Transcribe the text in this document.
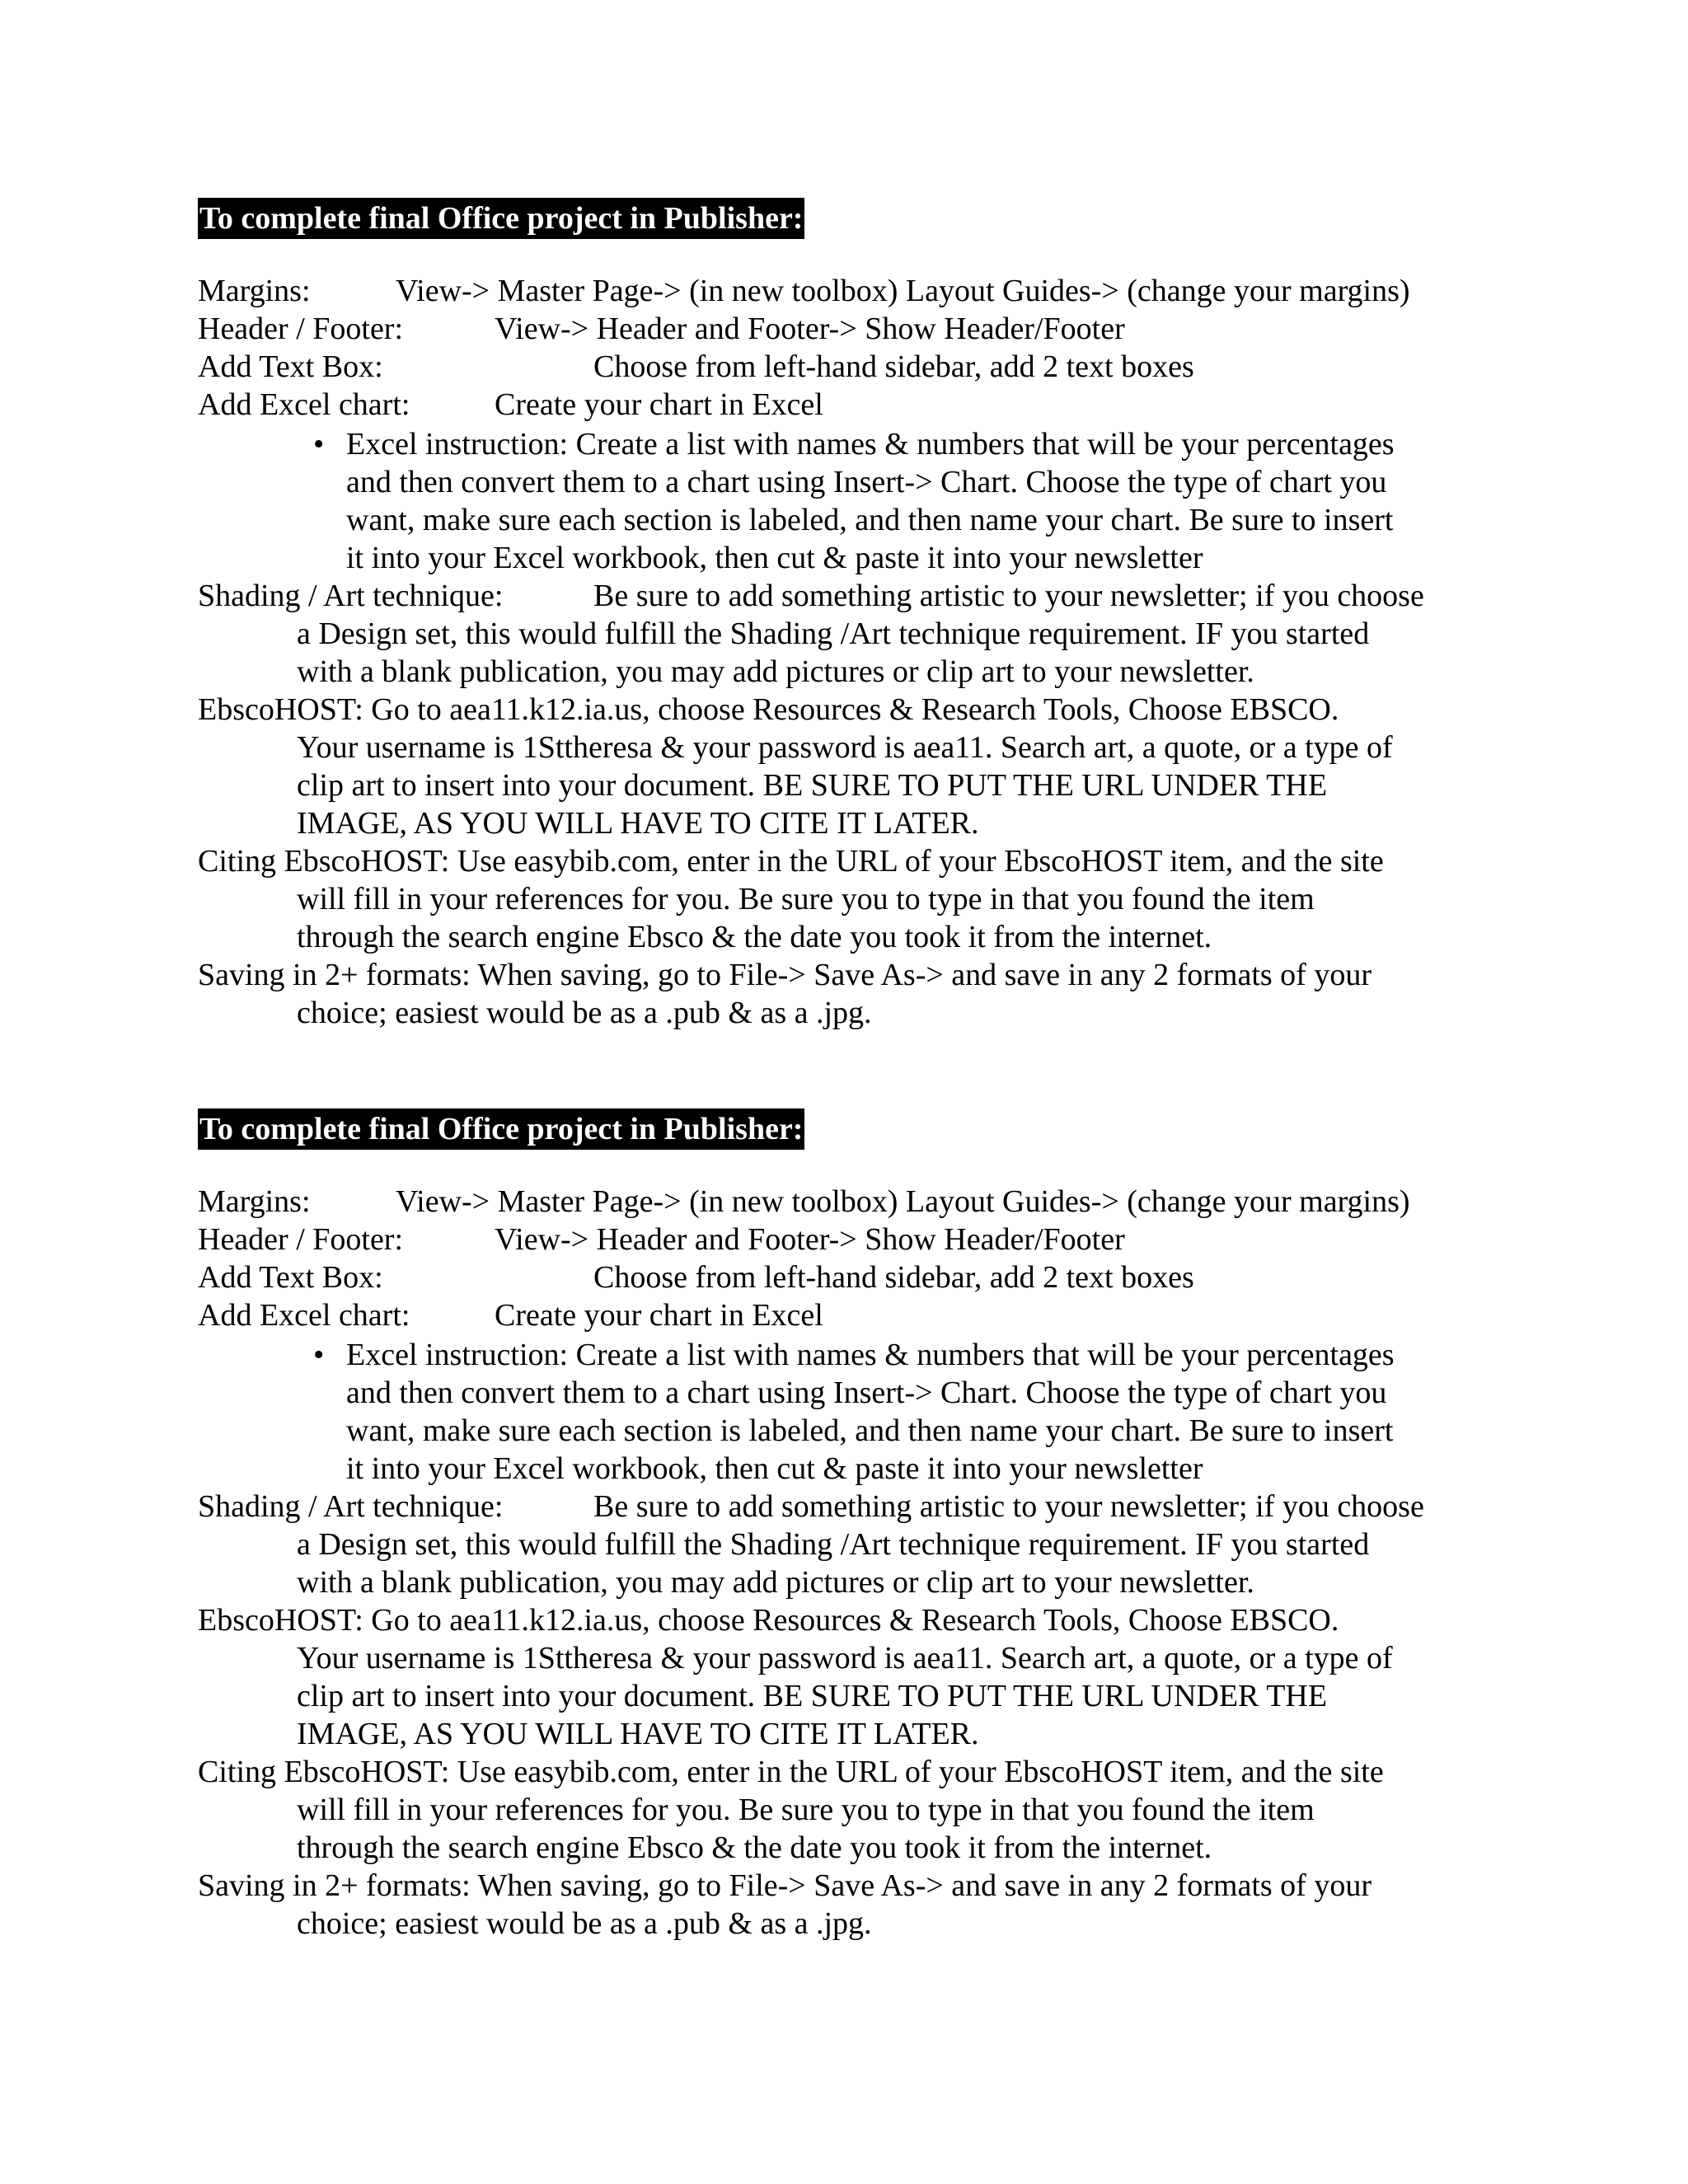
To complete final Office project in Publisher:
Margins:	View-> Master Page-> (in new toolbox) Layout Guides-> (change your margins)
Header / Footer:	View-> Header and Footer-> Show Header/Footer
Add Text Box:	Choose from left-hand sidebar, add 2 text boxes
Add Excel chart:	Create your chart in Excel
• Excel instruction: Create a list with names & numbers that will be your percentages
and then convert them to a chart using Insert-> Chart. Choose the type of chart you
want, make sure each section is labeled, and then name your chart. Be sure to insert
it into your Excel workbook, then cut & paste it into your newsletter
Shading / Art technique:	Be sure to add something artistic to your newsletter; if you choose
a Design set, this would fulfill the Shading /Art technique requirement. IF you started
with a blank publication, you may add pictures or clip art to your newsletter.
EbscoHOST: Go to aea11.k12.ia.us, choose Resources & Research Tools, Choose EBSCO.
Your username is 1Sttheresa & your password is aea11. Search art, a quote, or a type of
clip art to insert into your document. BE SURE TO PUT THE URL UNDER THE
IMAGE, AS YOU WILL HAVE TO CITE IT LATER.
Citing EbscoHOST: Use easybib.com, enter in the URL of your EbscoHOST item, and the site
will fill in your references for you. Be sure you to type in that you found the item
through the search engine Ebsco & the date you took it from the internet.
Saving in 2+ formats: When saving, go to File-> Save As-> and save in any 2 formats of your
choice; easiest would be as a .pub & as a .jpg.
To complete final Office project in Publisher:
Margins:	View-> Master Page-> (in new toolbox) Layout Guides-> (change your margins)
Header / Footer:	View-> Header and Footer-> Show Header/Footer
Add Text Box:	Choose from left-hand sidebar, add 2 text boxes
Add Excel chart:	Create your chart in Excel
• Excel instruction: Create a list with names & numbers that will be your percentages
and then convert them to a chart using Insert-> Chart. Choose the type of chart you
want, make sure each section is labeled, and then name your chart. Be sure to insert
it into your Excel workbook, then cut & paste it into your newsletter
Shading / Art technique:	Be sure to add something artistic to your newsletter; if you choose
a Design set, this would fulfill the Shading /Art technique requirement. IF you started
with a blank publication, you may add pictures or clip art to your newsletter.
EbscoHOST: Go to aea11.k12.ia.us, choose Resources & Research Tools, Choose EBSCO.
Your username is 1Sttheresa & your password is aea11. Search art, a quote, or a type of
clip art to insert into your document. BE SURE TO PUT THE URL UNDER THE
IMAGE, AS YOU WILL HAVE TO CITE IT LATER.
Citing EbscoHOST: Use easybib.com, enter in the URL of your EbscoHOST item, and the site
will fill in your references for you. Be sure you to type in that you found the item
through the search engine Ebsco & the date you took it from the internet.
Saving in 2+ formats: When saving, go to File-> Save As-> and save in any 2 formats of your
choice; easiest would be as a .pub & as a .jpg.
